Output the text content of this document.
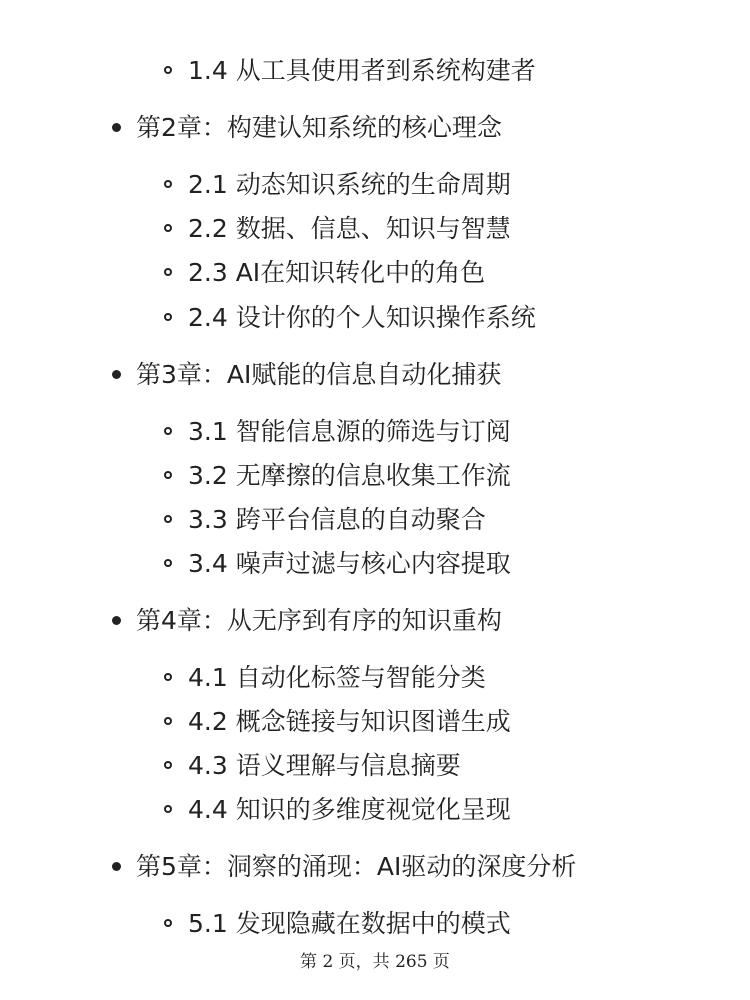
1.4 从工具使用者到系统构建者
第2章：构建认知系统的核心理念
2.1 动态知识系统的生命周期
2.2 数据、信息、知识与智慧
2.3 AI在知识转化中的角色
2.4 设计你的个人知识操作系统
第3章：AI赋能的信息自动化捕获
3.1 智能信息源的筛选与订阅
3.2 无摩擦的信息收集工作流
3.3 跨平台信息的自动聚合
3.4 噪声过滤与核心内容提取
第4章：从无序到有序的知识重构
4.1 自动化标签与智能分类
4.2 概念链接与知识图谱生成
4.3 语义理解与信息摘要
4.4 知识的多维度视觉化呈现
第5章：洞察的涌现：AI驱动的深度分析
5.1 发现隐藏在数据中的模式
第 2 页，共 265 页
